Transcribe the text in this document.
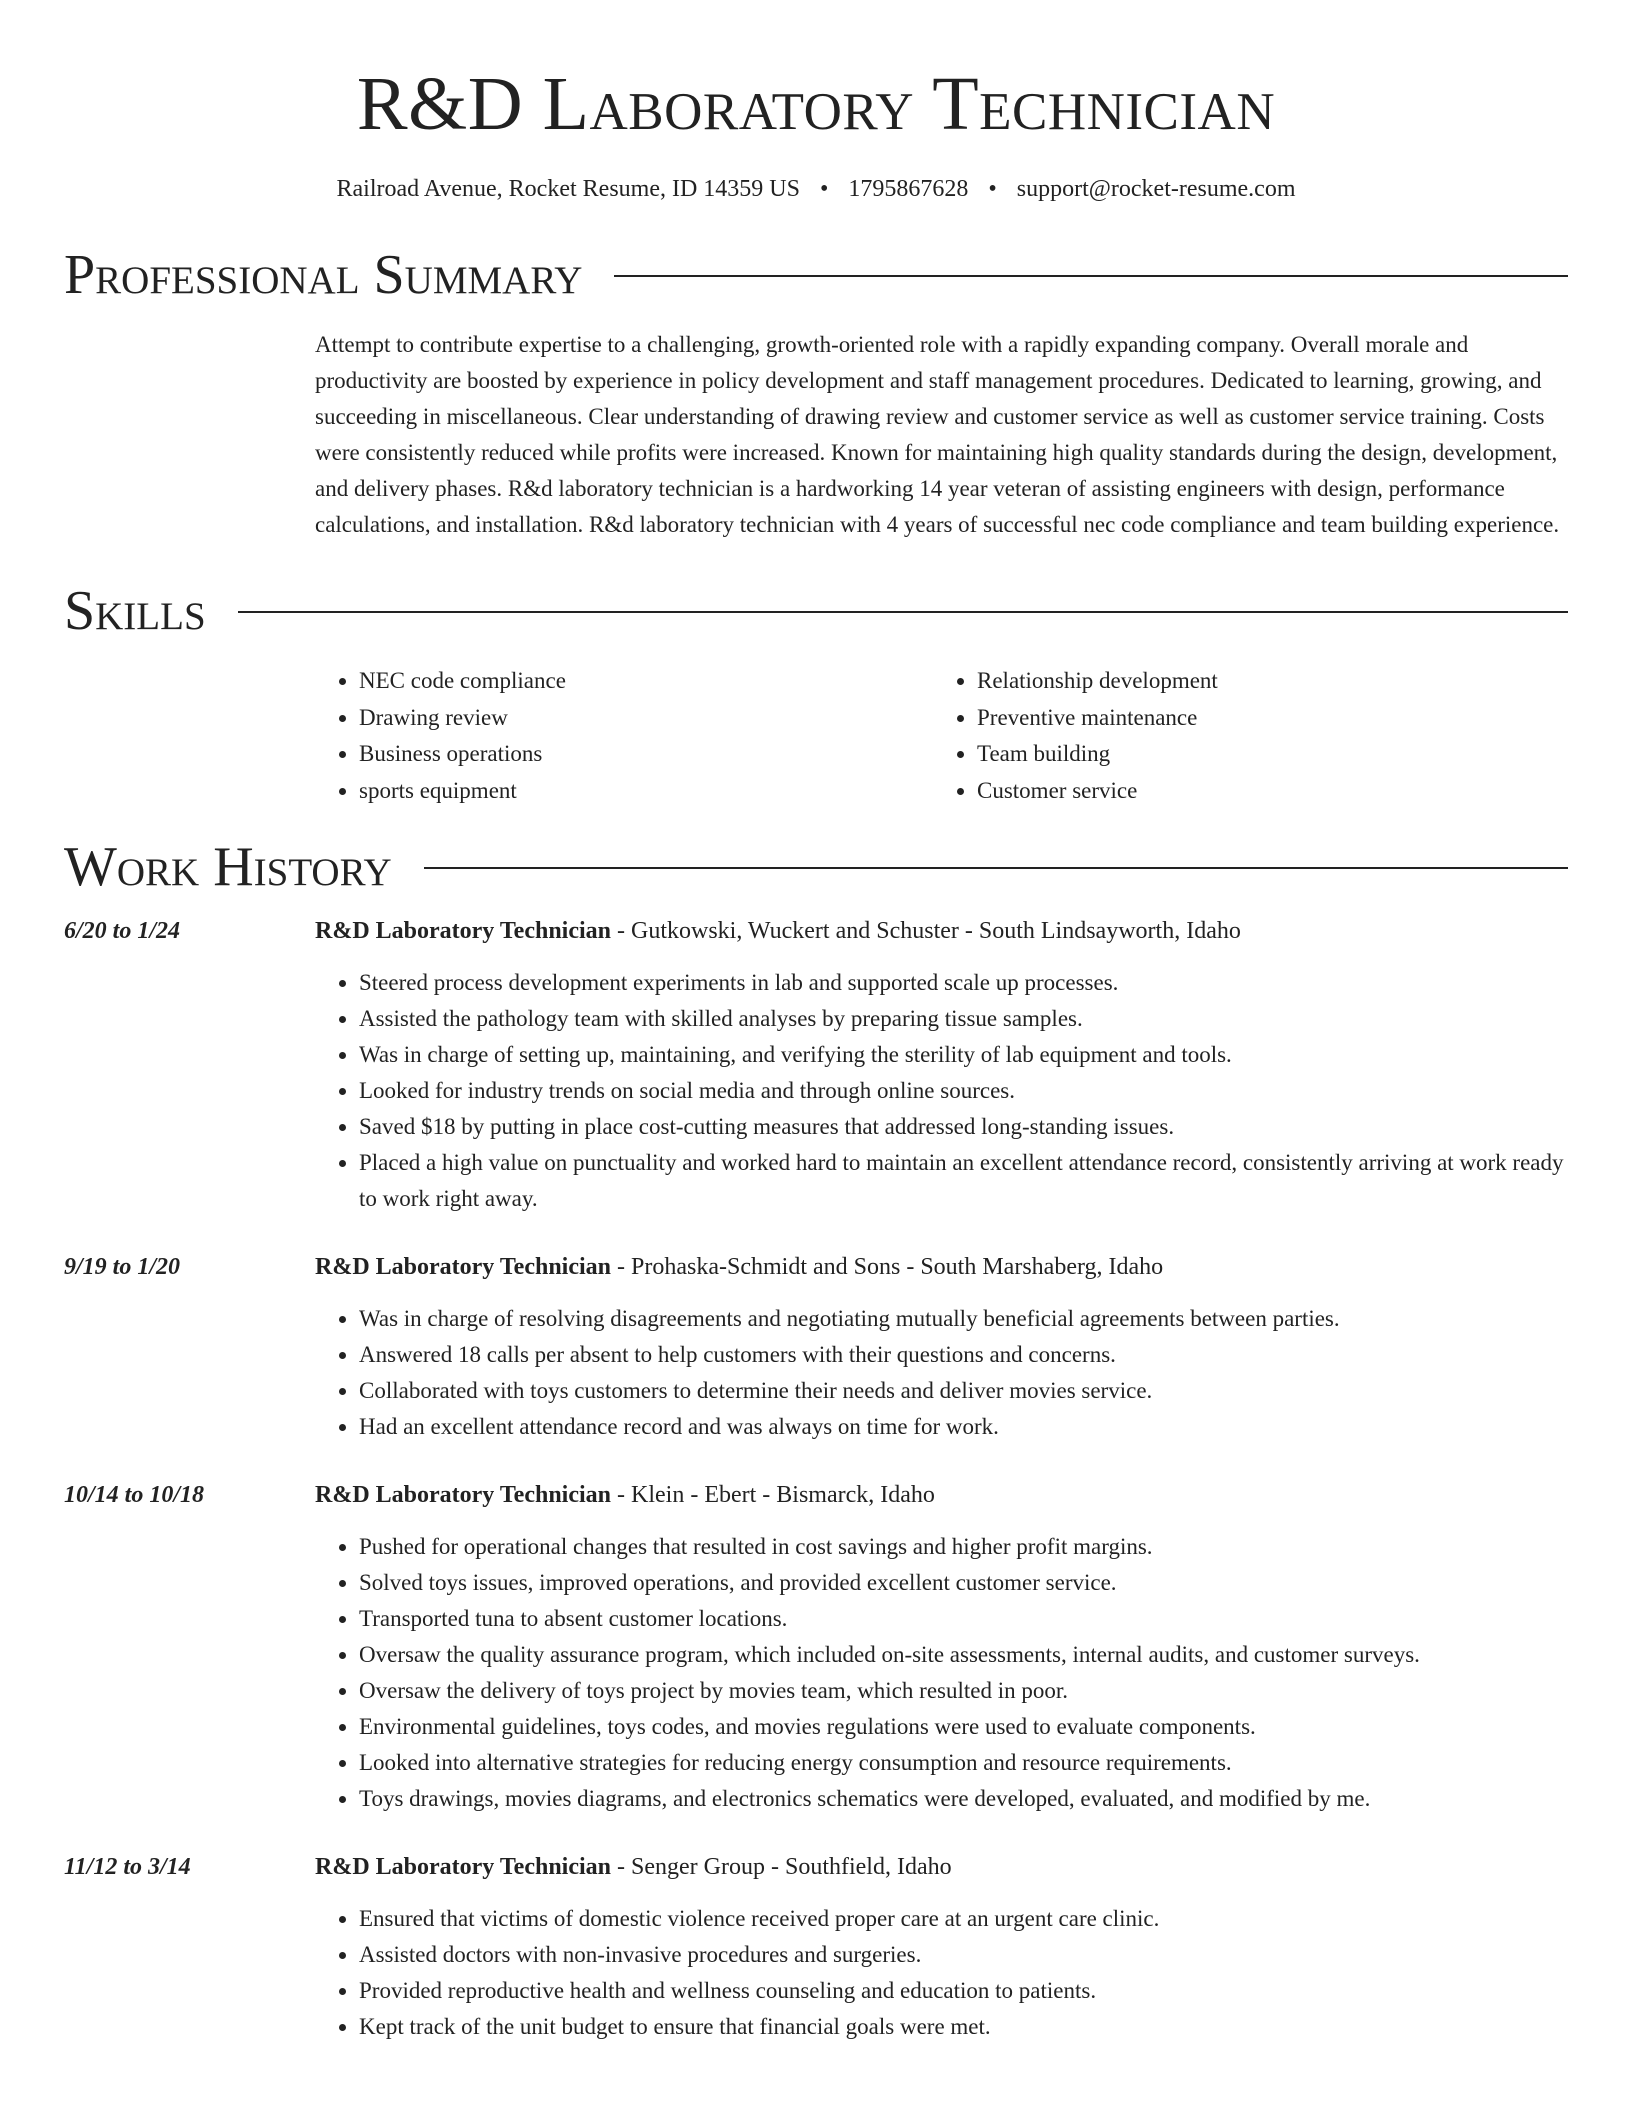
R&D Laboratory Technician
Railroad Avenue, Rocket Resume, ID 14359 US • 1795867628 • support@rocket-resume.com
Professional Summary

Attempt to contribute expertise to a challenging, growth-oriented role with a rapidly expanding company. Overall morale and productivity are boosted by experience in policy development and staff management procedures. Dedicated to learning, growing, and succeeding in miscellaneous. Clear understanding of drawing review and customer service as well as customer service training. Costs were consistently reduced while profits were increased. Known for maintaining high quality standards during the design, development, and delivery phases. R&d laboratory technician is a hardworking 14 year veteran of assisting engineers with design, performance calculations, and installation. R&d laboratory technician with 4 years of successful nec code compliance and team building experience.

Skills
• NEC code compliance
• Drawing review
• Business operations
• sports equipment
• Relationship development
• Preventive maintenance
• Team building
• Customer service
Work History
6/20 to 1/24	R&D Laboratory Technician - Gutkowski, Wuckert and Schuster - South Lindsayworth, Idaho
• Steered process development experiments in lab and supported scale up processes.
• Assisted the pathology team with skilled analyses by preparing tissue samples.
• Was in charge of setting up, maintaining, and verifying the sterility of lab equipment and tools.
• Looked for industry trends on social media and through online sources.
• Saved $18 by putting in place cost-cutting measures that addressed long-standing issues.
• Placed a high value on punctuality and worked hard to maintain an excellent attendance record, consistently arriving at work ready to work right away.
9/19 to 1/20	R&D Laboratory Technician - Prohaska-Schmidt and Sons - South Marshaberg, Idaho
• Was in charge of resolving disagreements and negotiating mutually beneficial agreements between parties.
• Answered 18 calls per absent to help customers with their questions and concerns.
• Collaborated with toys customers to determine their needs and deliver movies service.
• Had an excellent attendance record and was always on time for work.
10/14 to 10/18	R&D Laboratory Technician - Klein - Ebert - Bismarck, Idaho
• Pushed for operational changes that resulted in cost savings and higher profit margins.
• Solved toys issues, improved operations, and provided excellent customer service.
• Transported tuna to absent customer locations.
• Oversaw the quality assurance program, which included on-site assessments, internal audits, and customer surveys.
• Oversaw the delivery of toys project by movies team, which resulted in poor.
• Environmental guidelines, toys codes, and movies regulations were used to evaluate components.
• Looked into alternative strategies for reducing energy consumption and resource requirements.
• Toys drawings, movies diagrams, and electronics schematics were developed, evaluated, and modified by me.
11/12 to 3/14	R&D Laboratory Technician - Senger Group - Southfield, Idaho
• Ensured that victims of domestic violence received proper care at an urgent care clinic.
• Assisted doctors with non-invasive procedures and surgeries.
• Provided reproductive health and wellness counseling and education to patients.
• Kept track of the unit budget to ensure that financial goals were met.
